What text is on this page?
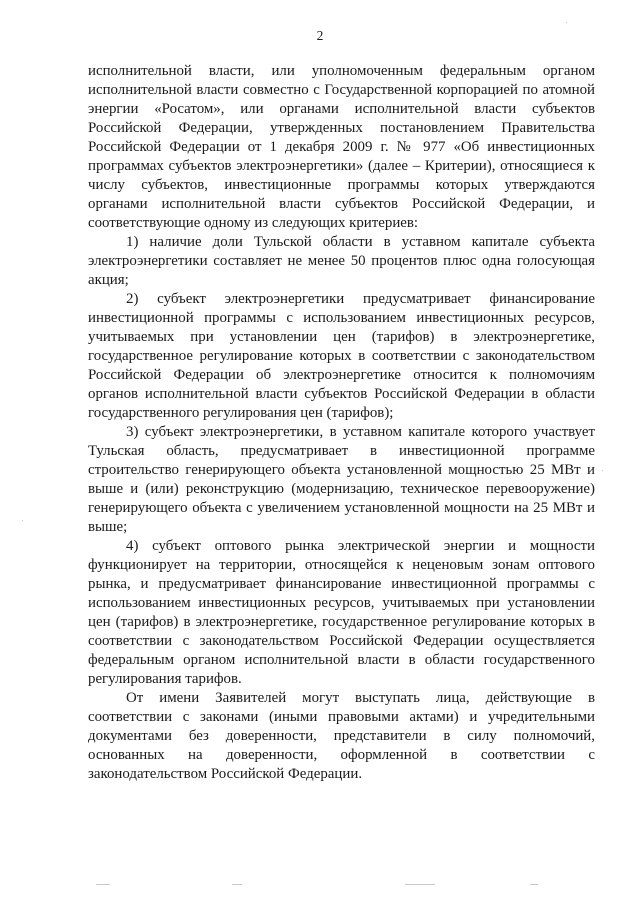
2

исполнительной власти, или уполномоченным федеральным органом исполнительной власти совместно с Государственной корпорацией по атомной энергии «Росатом», или органами исполнительной власти субъектов Российской Федерации, утвержденных постановлением Правительства Российской Федерации от 1 декабря 2009 г. № 977 «Об инвестиционных программах субъектов электроэнергетики» (далее – Критерии), относящиеся к числу субъектов, инвестиционные программы которых утверждаются органами исполнительной власти субъектов Российской Федерации, и соответствующие одному из следующих критериев:

1) наличие доли Тульской области в уставном капитале субъекта электроэнергетики составляет не менее 50 процентов плюс одна голосующая акция;

2) субъект электроэнергетики предусматривает финансирование инвестиционной программы с использованием инвестиционных ресурсов, учитываемых при установлении цен (тарифов) в электроэнергетике, государственное регулирование которых в соответствии с законодательством Российской Федерации об электроэнергетике относится к полномочиям органов исполнительной власти субъектов Российской Федерации в области государственного регулирования цен (тарифов);

3) субъект электроэнергетики, в уставном капитале которого участвует Тульская область, предусматривает в инвестиционной программе строительство генерирующего объекта установленной мощностью 25 МВт и выше и (или) реконструкцию (модернизацию, техническое перевооружение) генерирующего объекта с увеличением установленной мощности на 25 МВт и выше;

4) субъект оптового рынка электрической энергии и мощности функционирует на территории, относящейся к неценовым зонам оптового рынка, и предусматривает финансирование инвестиционной программы с использованием инвестиционных ресурсов, учитываемых при установлении цен (тарифов) в электроэнергетике, государственное регулирование которых в соответствии с законодательством Российской Федерации осуществляется федеральным органом исполнительной власти в области государственного регулирования тарифов.

От имени Заявителей могут выступать лица, действующие в соответствии с законами (иными правовыми актами) и учредительными документами без доверенности, представители в силу полномочий, основанных на доверенности, оформленной в соответствии с законодательством Российской Федерации.
